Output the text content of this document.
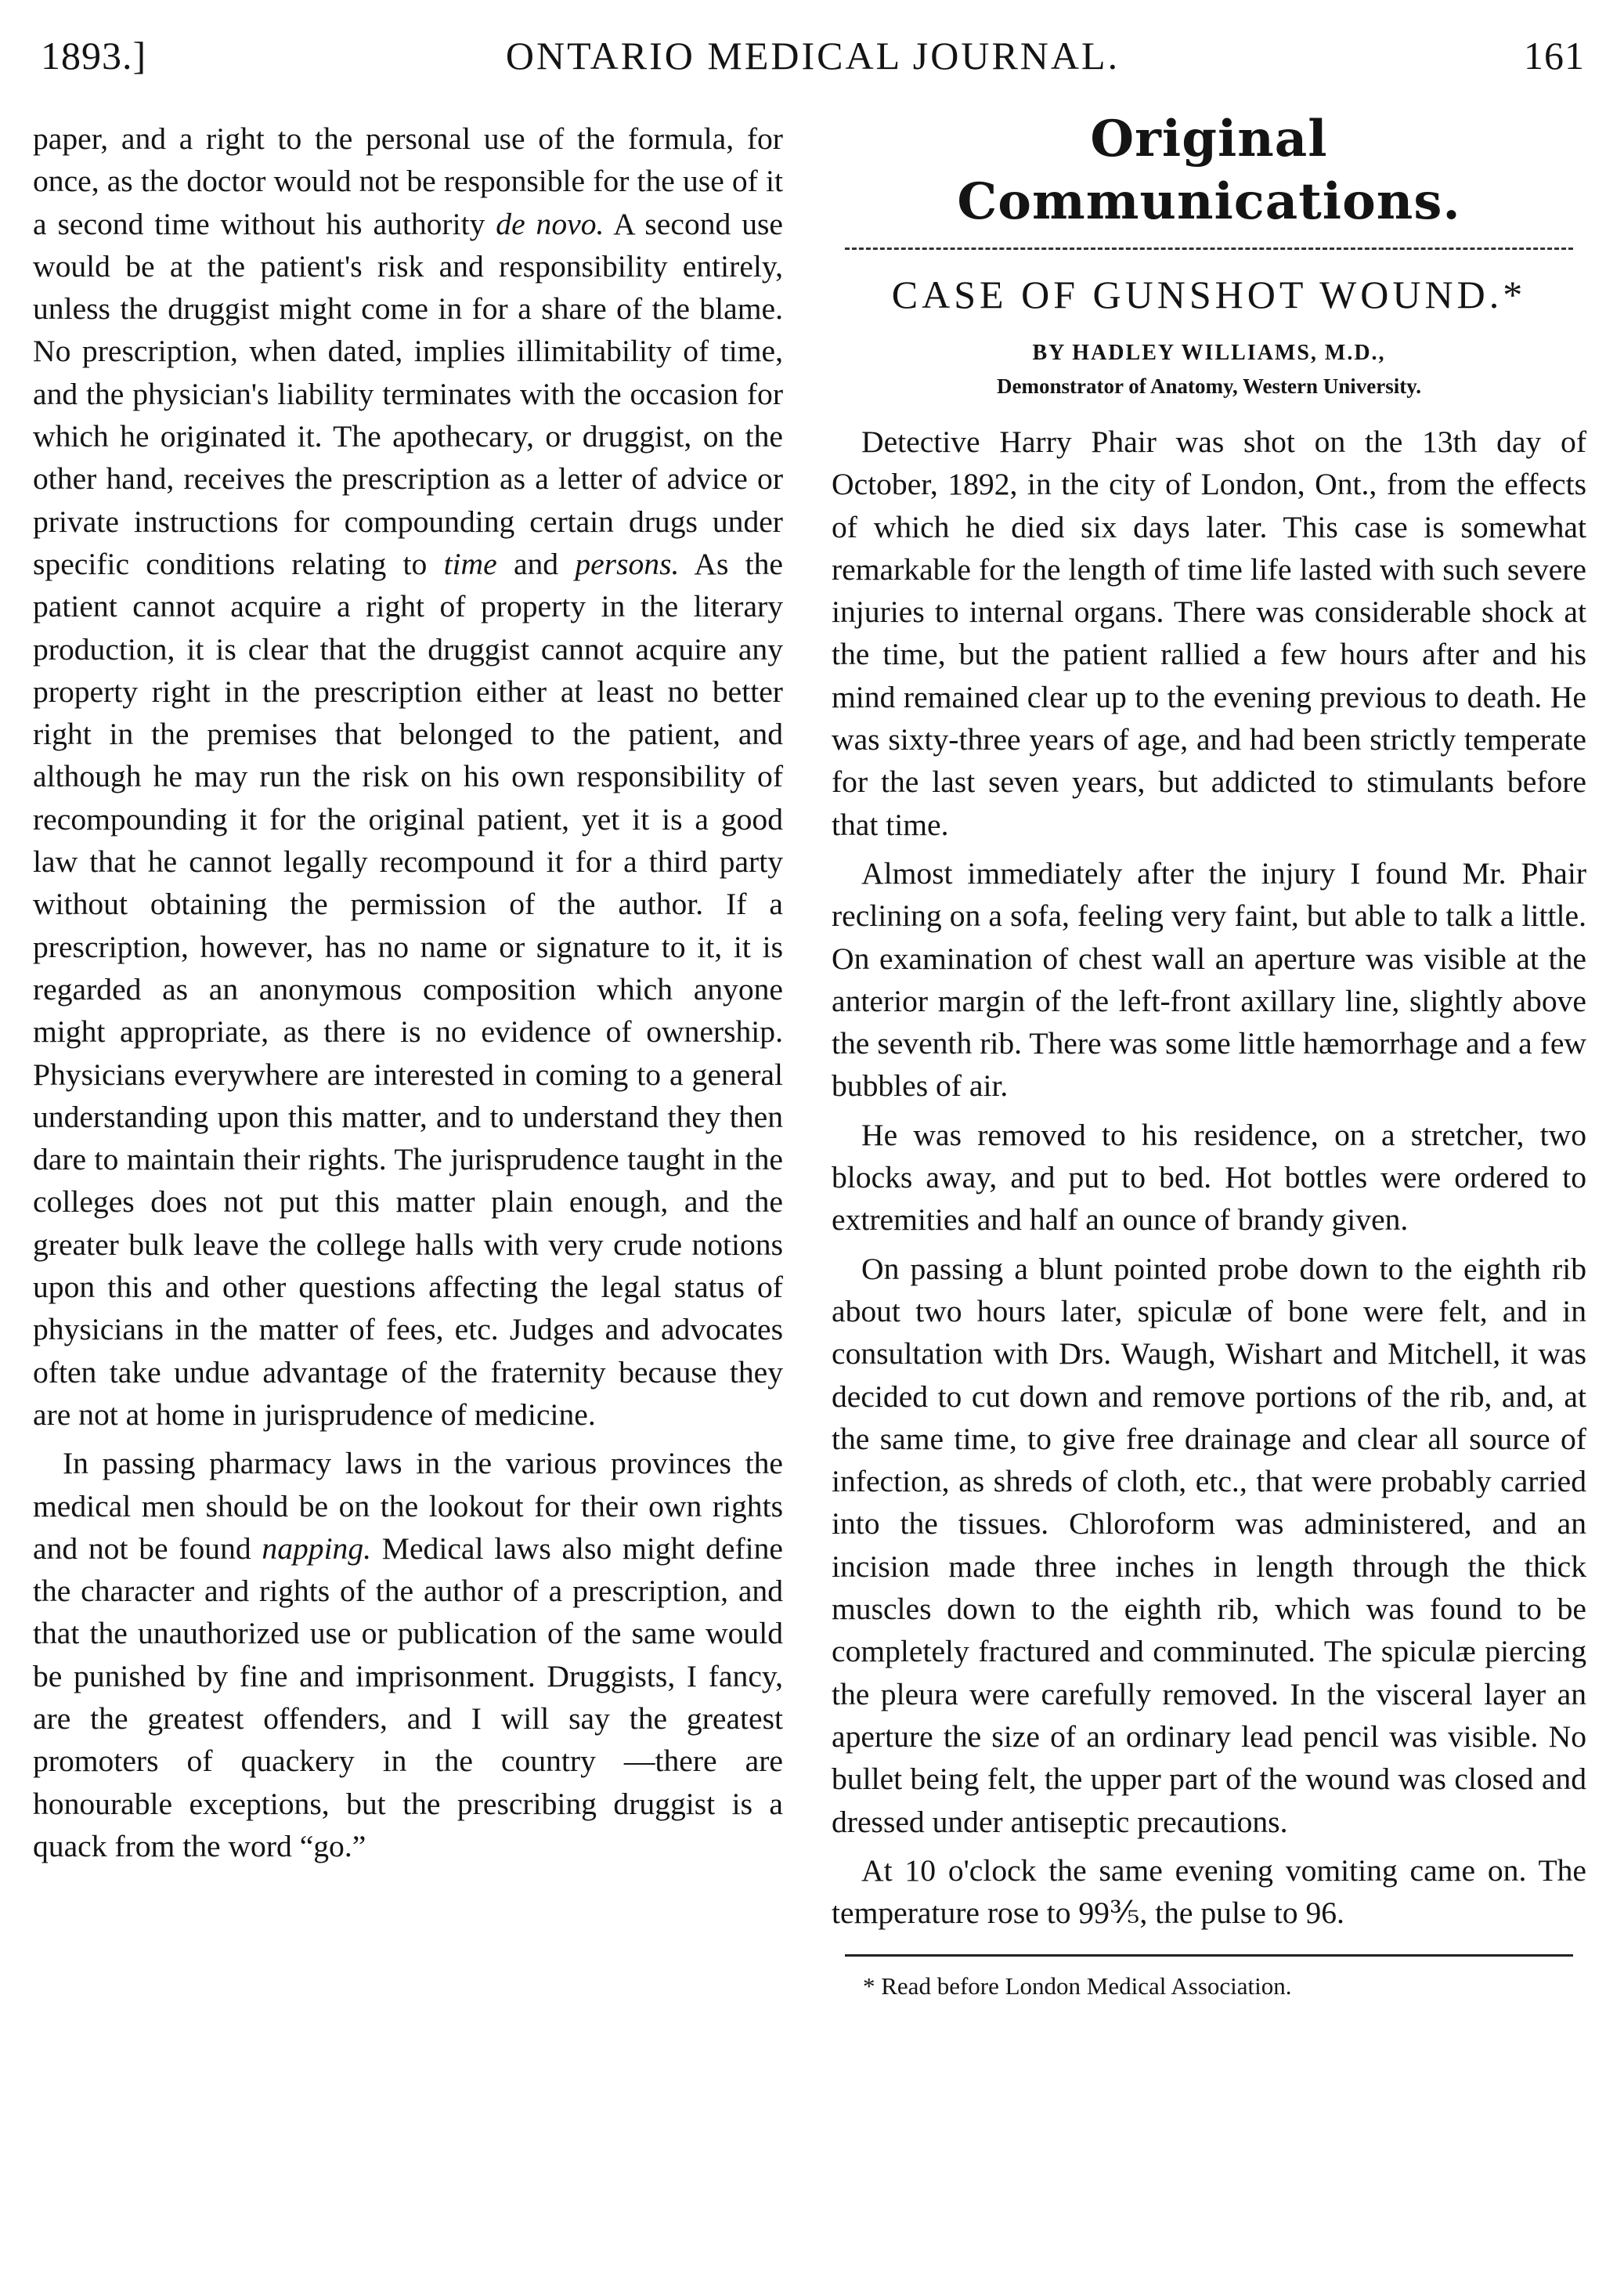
1893.]	ONTARIO MEDICAL JOURNAL.	161

paper, and a right to the personal use of the formula, for once, as the doctor would not be responsible for the use of it a second time without his authority de novo. A second use would be at the patient's risk and responsibility entirely, unless the druggist might come in for a share of the blame. No prescription, when dated, implies illimitability of time, and the physician's liability terminates with the occasion for which he originated it. The apothecary, or druggist, on the other hand, receives the prescription as a letter of advice or private instructions for compounding certain drugs under specific conditions relating to time and persons. As the patient cannot acquire a right of property in the literary production, it is clear that the druggist cannot acquire any property right in the prescription either at least no better right in the premises that belonged to the patient, and although he may run the risk on his own responsibility of recompounding it for the original patient, yet it is a good law that he cannot legally recompound it for a third party without obtaining the permission of the author. If a prescription, however, has no name or signature to it, it is regarded as an anonymous composition which anyone might appropriate, as there is no evidence of ownership. Physicians everywhere are interested in coming to a general understanding upon this matter, and to understand they then dare to maintain their rights. The jurisprudence taught in the colleges does not put this matter plain enough, and the greater bulk leave the college halls with very crude notions upon this and other questions affecting the legal status of physicians in the matter of fees, etc. Judges and advocates often take undue advantage of the fraternity because they are not at home in jurisprudence of medicine.

In passing pharmacy laws in the various provinces the medical men should be on the lookout for their own rights and not be found napping. Medical laws also might define the character and rights of the author of a prescription, and that the unauthorized use or publication of the same would be punished by fine and imprisonment. Druggists, I fancy, are the greatest offenders, and I will say the greatest promoters of quackery in the country —there are honourable exceptions, but the prescribing druggist is a quack from the word “go.”

Original Communications.
CASE OF GUNSHOT WOUND.*
BY HADLEY WILLIAMS, M.D.,
Demonstrator of Anatomy, Western University.

Detective Harry Phair was shot on the 13th day of October, 1892, in the city of London, Ont., from the effects of which he died six days later. This case is somewhat remarkable for the length of time life lasted with such severe injuries to internal organs. There was considerable shock at the time, but the patient rallied a few hours after and his mind remained clear up to the evening previous to death. He was sixty-three years of age, and had been strictly temperate for the last seven years, but addicted to stimulants before that time.

Almost immediately after the injury I found Mr. Phair reclining on a sofa, feeling very faint, but able to talk a little. On examination of chest wall an aperture was visible at the anterior margin of the left-front axillary line, slightly above the seventh rib. There was some little hæmorrhage and a few bubbles of air.

He was removed to his residence, on a stretcher, two blocks away, and put to bed. Hot bottles were ordered to extremities and half an ounce of brandy given.

On passing a blunt pointed probe down to the eighth rib about two hours later, spiculæ of bone were felt, and in consultation with Drs. Waugh, Wishart and Mitchell, it was decided to cut down and remove portions of the rib, and, at the same time, to give free drainage and clear all source of infection, as shreds of cloth, etc., that were probably carried into the tissues. Chloroform was administered, and an incision made three inches in length through the thick muscles down to the eighth rib, which was found to be completely fractured and comminuted. The spiculæ piercing the pleura were carefully removed. In the visceral layer an aperture the size of an ordinary lead pencil was visible. No bullet being felt, the upper part of the wound was closed and dressed under antiseptic precautions.

At 10 o'clock the same evening vomiting came on. The temperature rose to 99⅗, the pulse to 96.

* Read before London Medical Association.
